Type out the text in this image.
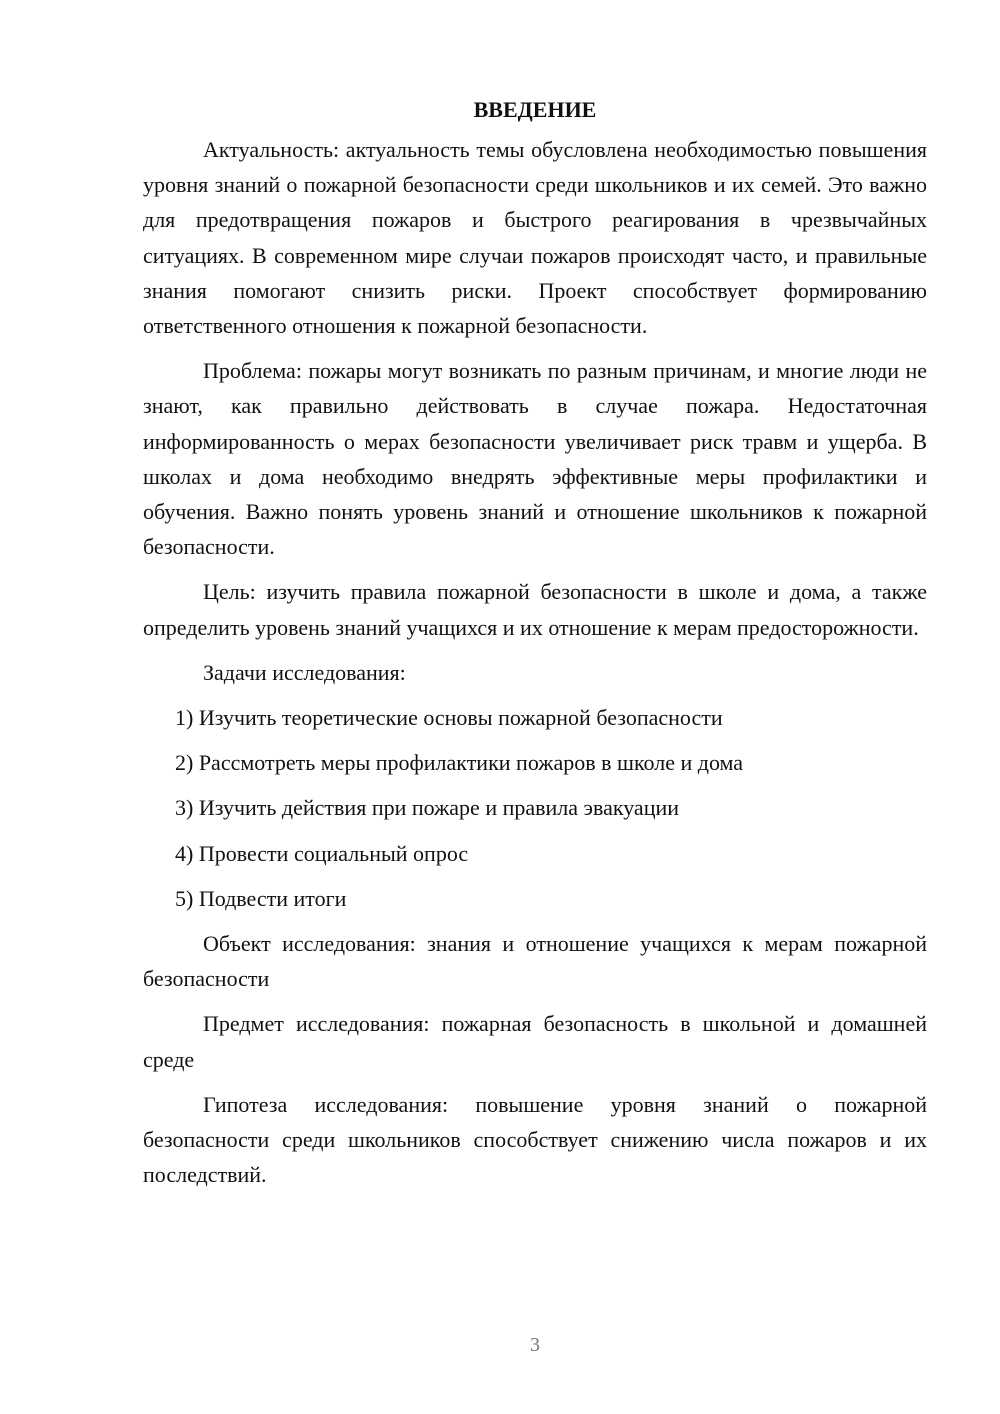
ВВЕДЕНИЕ

Актуальность: актуальность темы обусловлена необходимостью повышения уровня знаний о пожарной безопасности среди школьников и их семей. Это важно для предотвращения пожаров и быстрого реагирования в чрезвычайных ситуациях. В современном мире случаи пожаров происходят часто, и правильные знания помогают снизить риски. Проект способствует формированию ответственного отношения к пожарной безопасности.

Проблема: пожары могут возникать по разным причинам, и многие люди не знают, как правильно действовать в случае пожара. Недостаточная информированность о мерах безопасности увеличивает риск травм и ущерба. В школах и дома необходимо внедрять эффективные меры профилактики и обучения. Важно понять уровень знаний и отношение школьников к пожарной безопасности.

Цель: изучить правила пожарной безопасности в школе и дома, а также определить уровень знаний учащихся и их отношение к мерам предосторожности.

Задачи исследования:

1) Изучить теоретические основы пожарной безопасности
2) Рассмотреть меры профилактики пожаров в школе и дома
3) Изучить действия при пожаре и правила эвакуации
4) Провести социальный опрос
5) Подвести итоги

Объект исследования: знания и отношение учащихся к мерам пожарной безопасности

Предмет исследования: пожарная безопасность в школьной и домашней среде

Гипотеза исследования: повышение уровня знаний о пожарной безопасности среди школьников способствует снижению числа пожаров и их последствий.

3
